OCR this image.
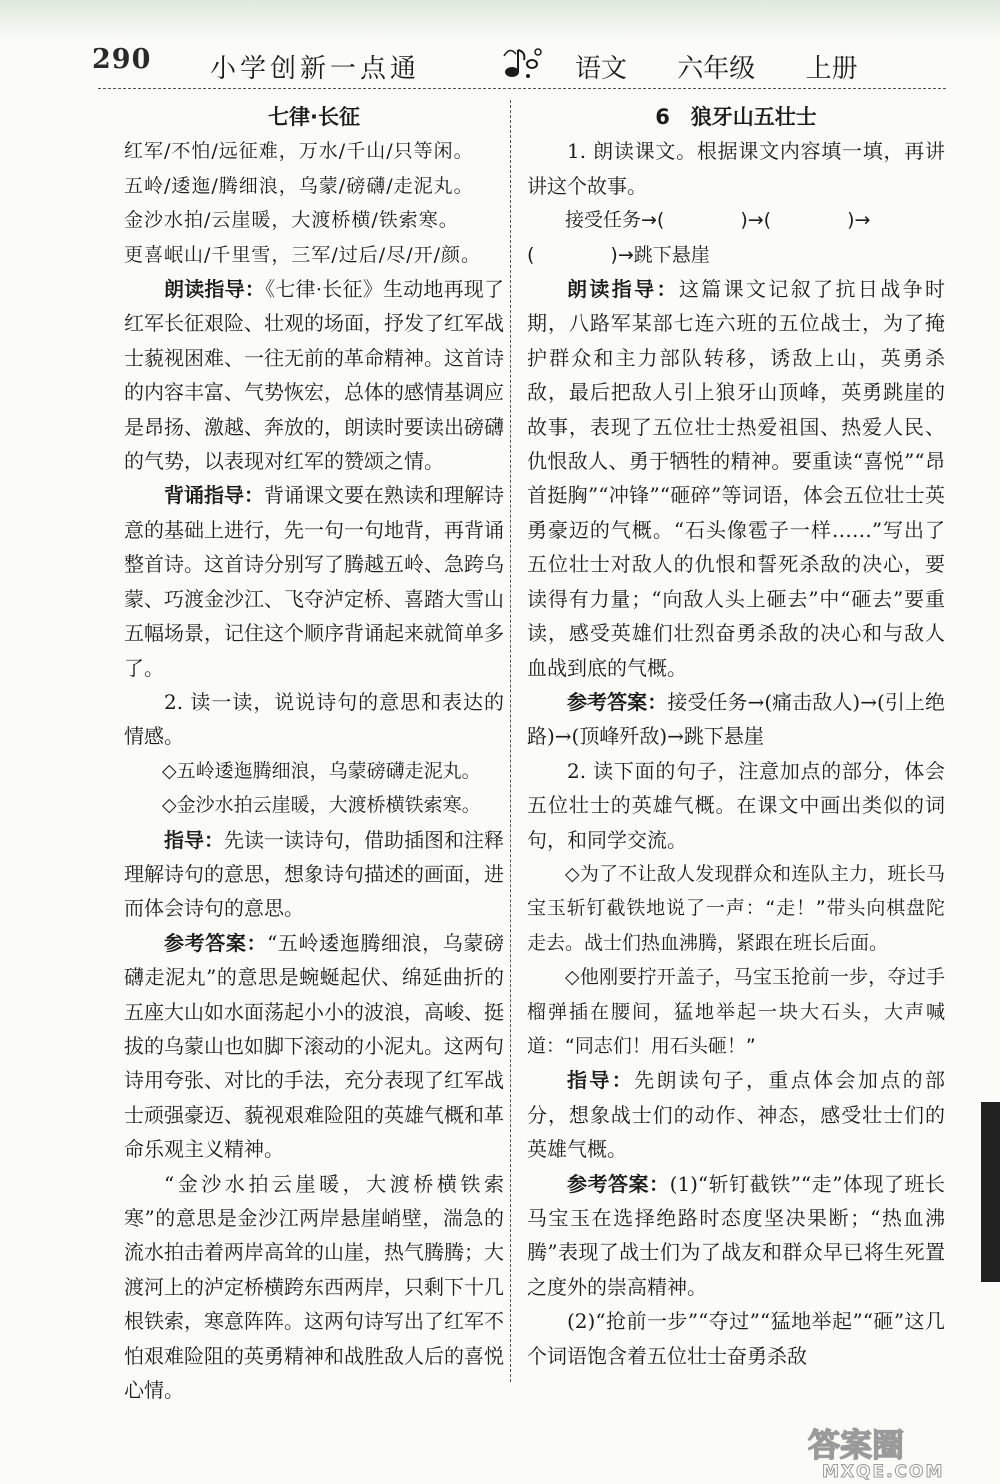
290 小学创新一点通	语文 六年级 上册

七律·长征

红军/不怕/远征难，万水/千山/只等闲。

五岭/逶迤/腾细浪，乌蒙/磅礴/走泥丸。

金沙水拍/云崖暖，大渡桥横/铁索寒。

更喜岷山/千里雪，三军/过后/尽/开/颜。

朗读指导：《七律·长征》生动地再现了红军长征艰险、壮观的场面，抒发了红军战士藐视困难、一往无前的革命精神。这首诗的内容丰富、气势恢宏，总体的感情基调应是昂扬、激越、奔放的，朗读时要读出磅礴的气势，以表现对红军的赞颂之情。

背诵指导：背诵课文要在熟读和理解诗意的基础上进行，先一句一句地背，再背诵整首诗。这首诗分别写了腾越五岭、急跨乌蒙、巧渡金沙江、飞夺泸定桥、喜踏大雪山五幅场景，记住这个顺序背诵起来就简单多了。

2. 读一读，说说诗句的意思和表达的情感。

◇五岭逶迤腾细浪，乌蒙磅礴走泥丸。

◇金沙水拍云崖暖，大渡桥横铁索寒。

指导：先读一读诗句，借助插图和注释理解诗句的意思，想象诗句描述的画面，进而体会诗句的意思。

参考答案：“五岭逶迤腾细浪，乌蒙磅礴走泥丸”的意思是蜿蜒起伏、绵延曲折的五座大山如水面荡起小小的波浪，高峻、挺拔的乌蒙山也如脚下滚动的小泥丸。这两句诗用夸张、对比的手法，充分表现了红军战士顽强豪迈、藐视艰难险阻的英雄气概和革命乐观主义精神。

“金沙水拍云崖暖，大渡桥横铁索寒”的意思是金沙江两岸悬崖峭壁，湍急的流水拍击着两岸高耸的山崖，热气腾腾；大渡河上的泸定桥横跨东西两岸，只剩下十几根铁索，寒意阵阵。这两句诗写出了红军不怕艰难险阻的英勇精神和战胜敌人后的喜悦心情。

6　狼牙山五壮士

1. 朗读课文。根据课文内容填一填，再讲讲这个故事。

接受任务→(　　　　)→(　　　　)→

(　　　　)→跳下悬崖

朗读指导：这篇课文记叙了抗日战争时期，八路军某部七连六班的五位战士，为了掩护群众和主力部队转移，诱敌上山，英勇杀敌，最后把敌人引上狼牙山顶峰，英勇跳崖的故事，表现了五位壮士热爱祖国、热爱人民、仇恨敌人、勇于牺牲的精神。要重读“喜悦”“昂首挺胸”“冲锋”“砸碎”等词语，体会五位壮士英勇豪迈的气概。“石头像雹子一样……”写出了五位壮士对敌人的仇恨和誓死杀敌的决心，要读得有力量；“向敌人头上砸去”中“砸去”要重读，感受英雄们壮烈奋勇杀敌的决心和与敌人血战到底的气概。

参考答案：接受任务→(痛击敌人)→(引上绝路)→(顶峰歼敌)→跳下悬崖

2. 读下面的句子，注意加点的部分，体会五位壮士的英雄气概。在课文中画出类似的词句，和同学交流。

◇为了不让敌人发现群众和连队主力，班长马宝玉斩钉截铁地说了一声：“走！”带头向棋盘陀走去。战士们热血沸腾，紧跟在班长后面。

◇他刚要拧开盖子，马宝玉抢前一步，夺过手榴弹插在腰间，猛地举起一块大石头，大声喊道：“同志们！用石头砸！”

指导：先朗读句子，重点体会加点的部分，想象战士们的动作、神态，感受壮士们的英雄气概。

参考答案：(1)“斩钉截铁”“走”体现了班长马宝玉在选择绝路时态度坚决果断；“热血沸腾”表现了战士们为了战友和群众早已将生死置之度外的崇高精神。

(2)“抢前一步”“夺过”“猛地举起”“砸”这几个词语饱含着五位壮士奋勇杀敌

答案圈
MXQE.COM
